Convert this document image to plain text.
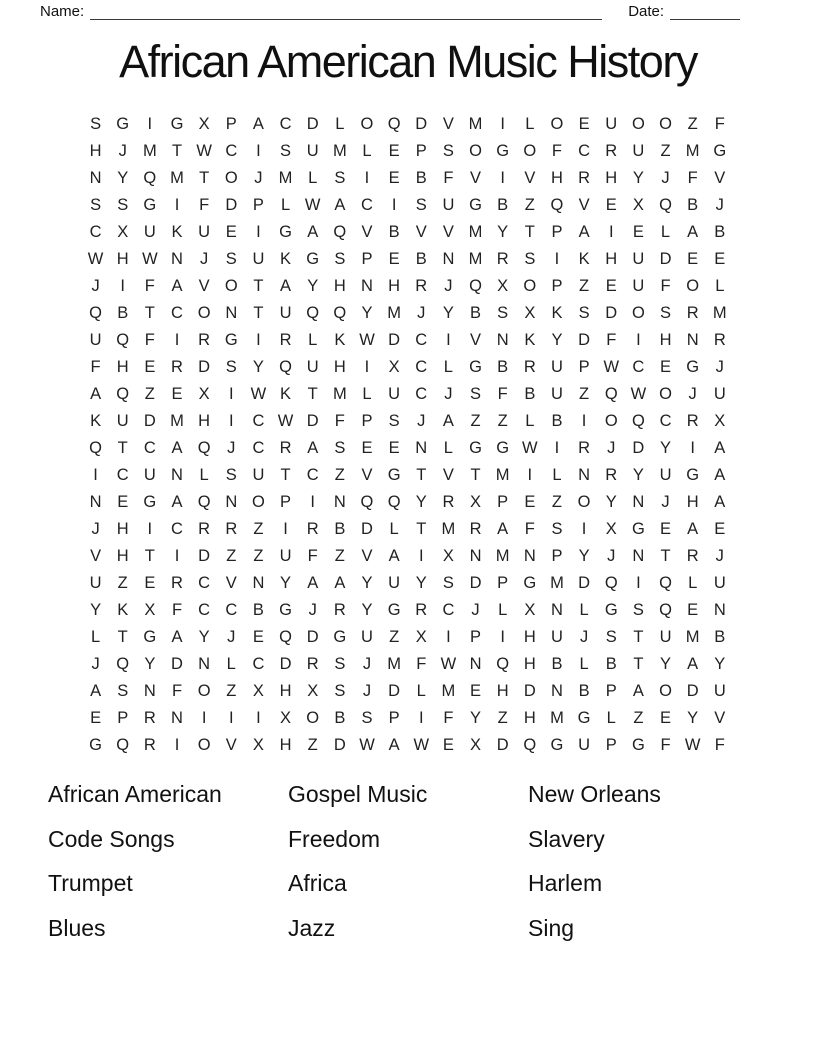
Name:	Date:
African American Music History
S G	I	G X P A C D	L O Q D V M	I	L O E U O O Z	F
H	J M T W C	I	S U M L	E P S O G O F C R U Z M G
N Y Q M T O	J M L	S	I	E B	F	V	I	V H R H Y	J	F	V
S S G	I	F D P	L W A C	I	S U G B	Z Q V E X Q B	J
C X U K U E	I	G A Q V B V V M Y	T	P A	I	E	L	A B
W H W N	J	S U K G S P E B N M R S	I	K H U D E E
J	I	F	A V O T	A Y H N H R	J	Q X O P	Z	E U F O L
Q B	T C O N T U Q Q Y M J	Y B S X K S D O S R M
U Q F	I	R G	I	R	L	K W D C	I	V N K Y D F	I	H N R
F H E R D S Y Q U H	I	X C	L G B R U P W C E G	J
A Q Z	E X	I	W K	T M L	U C	J	S	F	B U Z Q W O	J	U
K U D M H	I	C W D F	P S	J	A	Z	Z	L	B	I	O Q C R X
Q T C A Q	J	C R A S E E N	L G G W	I	R	J	D Y	I	A
I	C U N	L	S U T C Z	V G T	V	T M	I	L	N R Y U G A
N E G A Q N O P	I	N Q Q Y R X P E	Z O Y N	J	H A
J	H	I	C R R Z	I	R B D	L	T M R A	F	S	I	X G E A E
V H T	I	D Z	Z U F	Z	V A	I	X N M N P Y	J	N T R	J
U Z	E R C V N Y A A Y U Y S D P G M D Q	I	Q L	U
Y K X	F C C B G	J	R Y G R C	J	L	X N	L G S Q E N
L	T G A Y	J	E Q D G U Z	X	I	P	I	H U	J	S	T U M B
J	Q Y D N	L	C D R S	J M F W N Q H B	L	B	T	Y A Y
A S N F O Z	X H X S	J	D	L M E H D N B P A O D U
E P R N	I	I	I	X O B S P	I	F	Y	Z H M G L	Z	E Y V
G Q R	I	O V X H Z D W A W E X D Q G U P G F W F
African American
Code Songs
Trumpet
Blues
Gospel Music
Freedom
Africa
Jazz
New Orleans
Slavery
Harlem
Sing
